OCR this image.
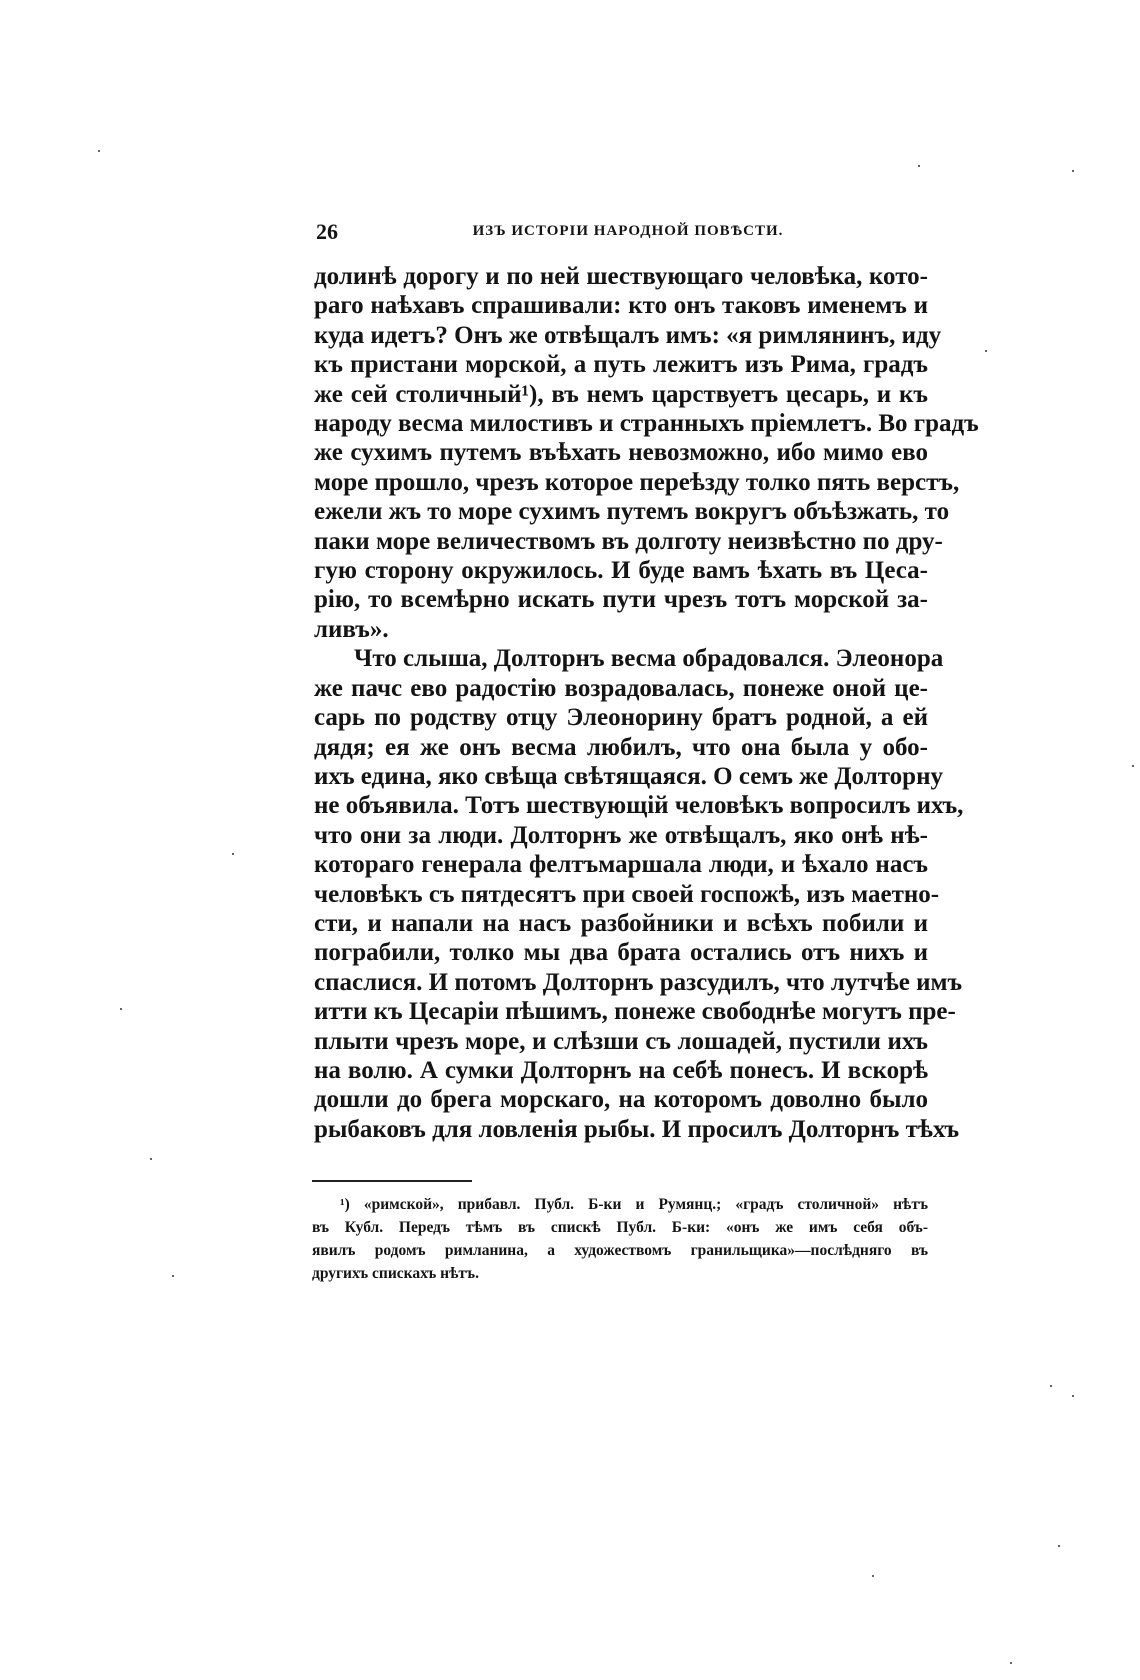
26	ИЗЪ ИСТОРІИ НАРОДНОЙ ПОВѢСТИ.
долинѣ дорогу и по ней шествующаго человѣка, кото-
раго наѣхавъ спрашивали: кто онъ таковъ именемъ и
куда идетъ? Онъ же отвѣщалъ имъ: «я римлянинъ, иду
къ пристани морской, а путь лежитъ изъ Рима, градъ
же сей столичный¹), въ немъ царствуетъ цесарь, и къ
народу весма милостивъ и странныхъ пріемлетъ. Во градъ
же сухимъ путемъ въѣхать невозможно, ибо мимо ево
море прошло, чрезъ которое переѣзду толко пять верстъ,
ежели жъ то море сухимъ путемъ вокругъ объѣзжать, то
паки море величествомъ въ долготу неизвѣстно по дру-
гую сторону окружилось. И буде вамъ ѣхать въ Цеса-
рію, то всемѣрно искать пути чрезъ тотъ морской за-
ливъ».
Что слыша, Долторнъ весма обрадовался. Элеонора
же пачс ево радостію возрадовалась, понеже оной це-
сарь по родству отцу Элеонорину братъ родной, а ей
дядя; ея же онъ весма любилъ, что она была у обо-
ихъ едина, яко свѣща свѣтящаяся. О семъ же Долторну
не объявила. Тотъ шествующій человѣкъ вопросилъ ихъ,
что они за люди. Долторнъ же отвѣщалъ, яко онѣ нѣ-
котораго генерала фелтъмаршала люди, и ѣхало насъ
человѣкъ съ пятдесятъ при своей госпожѣ, изъ маетно-
сти, и напали на насъ разбойники и всѣхъ побили и
пограбили, толко мы два брата остались отъ нихъ и
спаслися. И потомъ Долторнъ разсудилъ, что лутчѣе имъ
итти къ Цесаріи пѣшимъ, понеже свободнѣе могутъ пре-
плыти чрезъ море, и слѣзши съ лошадей, пустили ихъ
на волю. А сумки Долторнъ на себѣ понесъ. И вскорѣ
дошли до брега морскаго, на которомъ доволно было
рыбаковъ для ловленія рыбы. И просилъ Долторнъ тѣхъ
¹) «римской», прибавл. Публ. Б-ки и Румянц.; «градъ столичной» нѣтъ
въ Кубл. Передъ тѣмъ въ спискѣ Публ. Б-ки: «онъ же имъ себя объ-
явилъ родомъ римланина, а художествомъ гранильщика»—послѣдняго въ
другихъ спискахъ нѣтъ.
